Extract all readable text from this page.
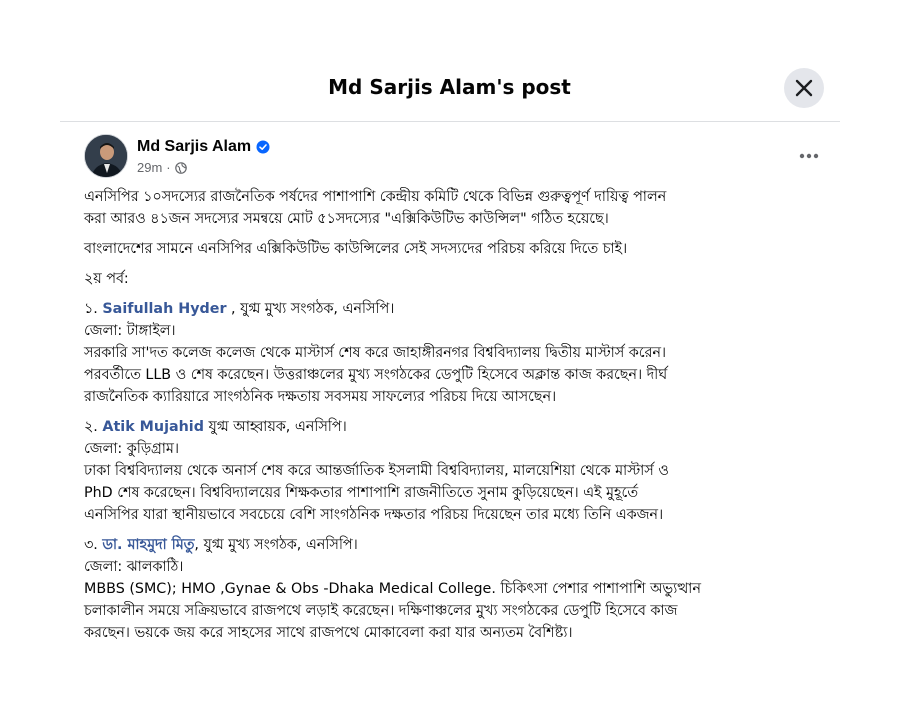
Md Sarjis Alam's post
Md Sarjis Alam
29m ·
এনসিপির ১০সদস্যের রাজনৈতিক পর্ষদের পাশাপাশি কেন্দ্রীয় কমিটি থেকে বিভিন্ন গুরুত্বপূর্ণ দায়িত্ব পালন
করা আরও ৪১জন সদস্যের সমন্বয়ে মোট ৫১সদস্যের "এক্সিকিউটিভ কাউন্সিল" গঠিত হয়েছে।
বাংলাদেশের সামনে এনসিপির এক্সিকিউটিভ কাউন্সিলের সেই সদস্যদের পরিচয় করিয়ে দিতে চাই।
২য় পর্ব:
১. Saifullah Hyder , যুগ্ম মুখ্য সংগঠক, এনসিপি।
জেলা: টাঙ্গাইল।
সরকারি সা'দত কলেজ কলেজ থেকে মাস্টার্স শেষ করে জাহাঙ্গীরনগর বিশ্ববিদ্যালয় দ্বিতীয় মাস্টার্স করেন।
পরবর্তীতে LLB ও শেষ করেছেন। উত্তরাঞ্চলের মুখ্য সংগঠকের ডেপুটি হিসেবে অক্লান্ত কাজ করছেন। দীর্ঘ
রাজনৈতিক ক্যারিয়ারে সাংগঠনিক দক্ষতায় সবসময় সাফল্যের পরিচয় দিয়ে আসছেন।
২. Atik Mujahid যুগ্ম আহ্বায়ক, এনসিপি।
জেলা: কুড়িগ্রাম।
ঢাকা বিশ্ববিদ্যালয় থেকে অনার্স শেষ করে আন্তর্জাতিক ইসলামী বিশ্ববিদ্যালয়, মালয়েশিয়া থেকে মাস্টার্স ও
PhD শেষ করেছেন। বিশ্ববিদ্যালয়ের শিক্ষকতার পাশাপাশি রাজনীতিতে সুনাম কুড়িয়েছেন। এই মুহূর্তে
এনসিপির যারা স্থানীয়ভাবে সবচেয়ে বেশি সাংগঠনিক দক্ষতার পরিচয় দিয়েছেন তার মধ্যে তিনি একজন।
৩. ডা. মাহমুদা মিতু, যুগ্ম মুখ্য সংগঠক, এনসিপি।
জেলা: ঝালকাঠি।
MBBS (SMC); HMO ,Gynae & Obs -Dhaka Medical College. চিকিৎসা পেশার পাশাপাশি অভ্যুত্থান
চলাকালীন সময়ে সক্রিয়ভাবে রাজপথে লড়াই করেছেন। দক্ষিণাঞ্চলের মুখ্য সংগঠকের ডেপুটি হিসেবে কাজ
করছেন। ভয়কে জয় করে সাহসের সাথে রাজপথে মোকাবেলা করা যার অন্যতম বৈশিষ্ট্য।
